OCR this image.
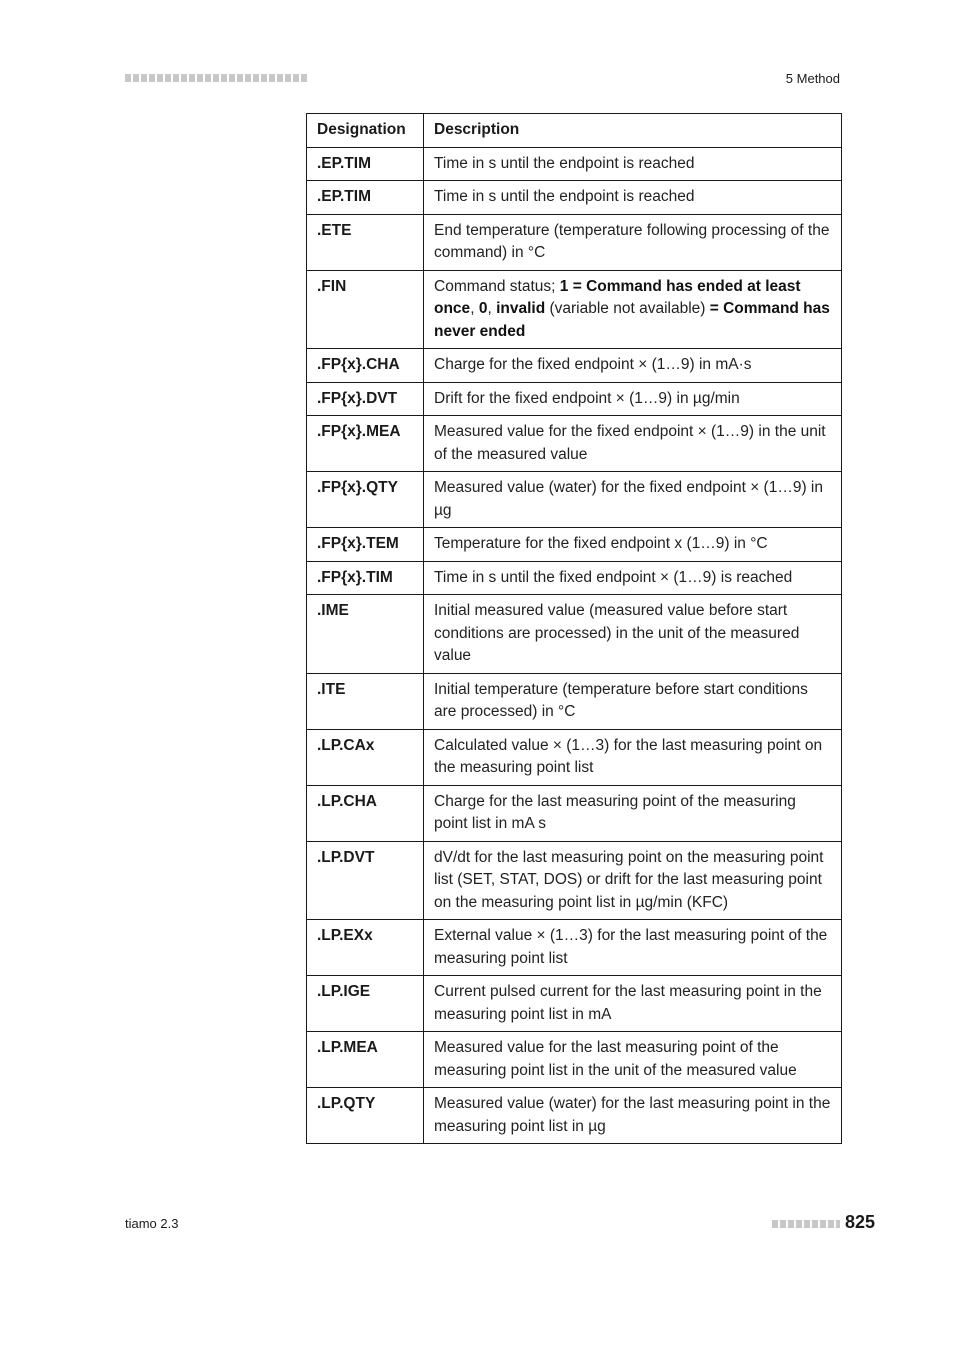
5 Method
Designation	Description
.EP.TIM	Time in s until the endpoint is reached
.EP.TIM	Time in s until the endpoint is reached
.ETE	End temperature (temperature following processing of the command) in °C
.FIN	Command status; 1 = Command has ended at least once, 0, invalid (variable not available) = Command has never ended
.FP{x}.CHA	Charge for the fixed endpoint × (1…9) in mA·s
.FP{x}.DVT	Drift for the fixed endpoint × (1…9) in µg/min
.FP{x}.MEA	Measured value for the fixed endpoint × (1…9) in the unit of the measured value
.FP{x}.QTY	Measured value (water) for the fixed endpoint × (1…9) in µg
.FP{x}.TEM	Temperature for the fixed endpoint x (1…9) in °C
.FP{x}.TIM	Time in s until the fixed endpoint × (1…9) is reached
.IME	Initial measured value (measured value before start conditions are processed) in the unit of the measured value
.ITE	Initial temperature (temperature before start conditions are processed) in °C
.LP.CAx	Calculated value × (1…3) for the last measuring point on the measuring point list
.LP.CHA	Charge for the last measuring point of the measuring point list in mA s
.LP.DVT	dV/dt for the last measuring point on the measuring point list (SET, STAT, DOS) or drift for the last measuring point on the measuring point list in µg/min (KFC)
.LP.EXx	External value × (1…3) for the last measuring point of the measuring point list
.LP.IGE	Current pulsed current for the last measuring point in the measuring point list in mA
.LP.MEA	Measured value for the last measuring point of the measuring point list in the unit of the measured value
.LP.QTY	Measured value (water) for the last measuring point in the measuring point list in µg
tiamo 2.3	825
